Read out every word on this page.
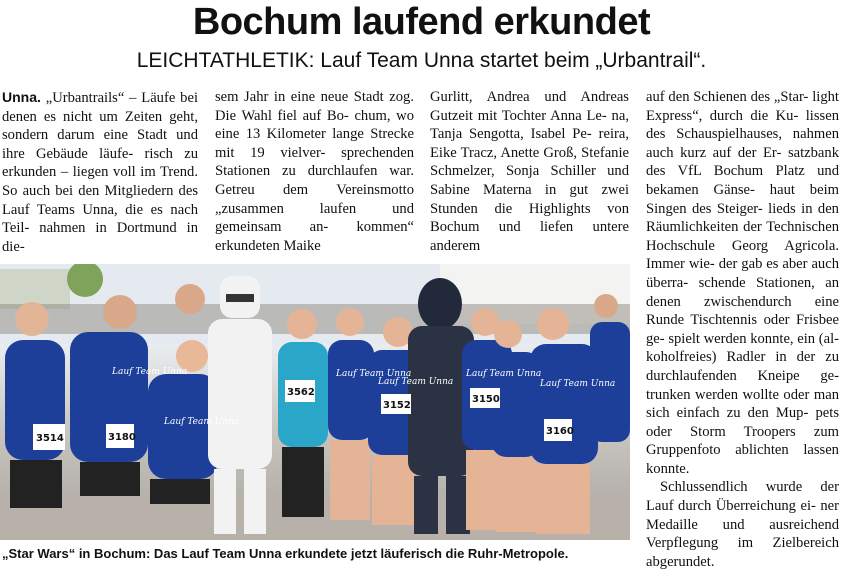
Bochum laufend erkundet
LEICHTATHLETIK: Lauf Team Unna startet beim „Urbantrail“.

Unna. „Urbantrails“ – Läufe bei denen es nicht um Zeiten geht, sondern darum eine Stadt und ihre Gebäude läufe- risch zu erkunden – liegen voll im Trend. So auch bei den Mitgliedern des Lauf Teams Unna, die es nach Teil- nahmen in Dortmund in die-

sem Jahr in eine neue Stadt zog. Die Wahl fiel auf Bo- chum, wo eine 13 Kilometer lange Strecke mit 19 vielver- sprechenden Stationen zu durchlaufen war. Getreu dem Vereinsmotto „zusammen laufen und gemeinsam an- kommen“ erkundeten Maike

Gurlitt, Andrea und Andreas Gutzeit mit Tochter Anna Le- na, Tanja Sengotta, Isabel Pe- reira, Eike Tracz, Anette Groß, Stefanie Schmelzer, Sonja Schiller und Sabine Materna in gut zwei Stunden die Highlights von Bochum und liefen untere anderem

auf den Schienen des „Star- light Express“, durch die Ku- lissen des Schauspielhauses, nahmen auch kurz auf der Er- satzbank des VfL Bochum Platz und bekamen Gänse- haut beim Singen des Steiger- lieds in den Räumlichkeiten der Technischen Hochschule Georg Agricola. Immer wie- der gab es aber auch überra- schende Stationen, an denen zwischendurch eine Runde Tischtennis oder Frisbee ge- spielt werden konnte, ein (al- koholfreies) Radler in der zu durchlaufenden Kneipe ge- trunken werden wollte oder man sich einfach zu den Mup- pets oder Storm Troopers zum Gruppenfoto ablichten lassen konnte.

Schlussendlich wurde der Lauf durch Überreichung ei- ner Medaille und ausreichend Verpflegung im Zielbereich abgerundet.

Lauf Team Unna
Lauf Team Unna
Lauf Team Unna
Lauf Team Unna
Lauf Team Unna
Lauf Team Unna
3514	3180
3562
3152
3150
3160
„Star Wars“ in Bochum: Das Lauf Team Unna erkundete jetzt läuferisch die Ruhr-Metropole.
